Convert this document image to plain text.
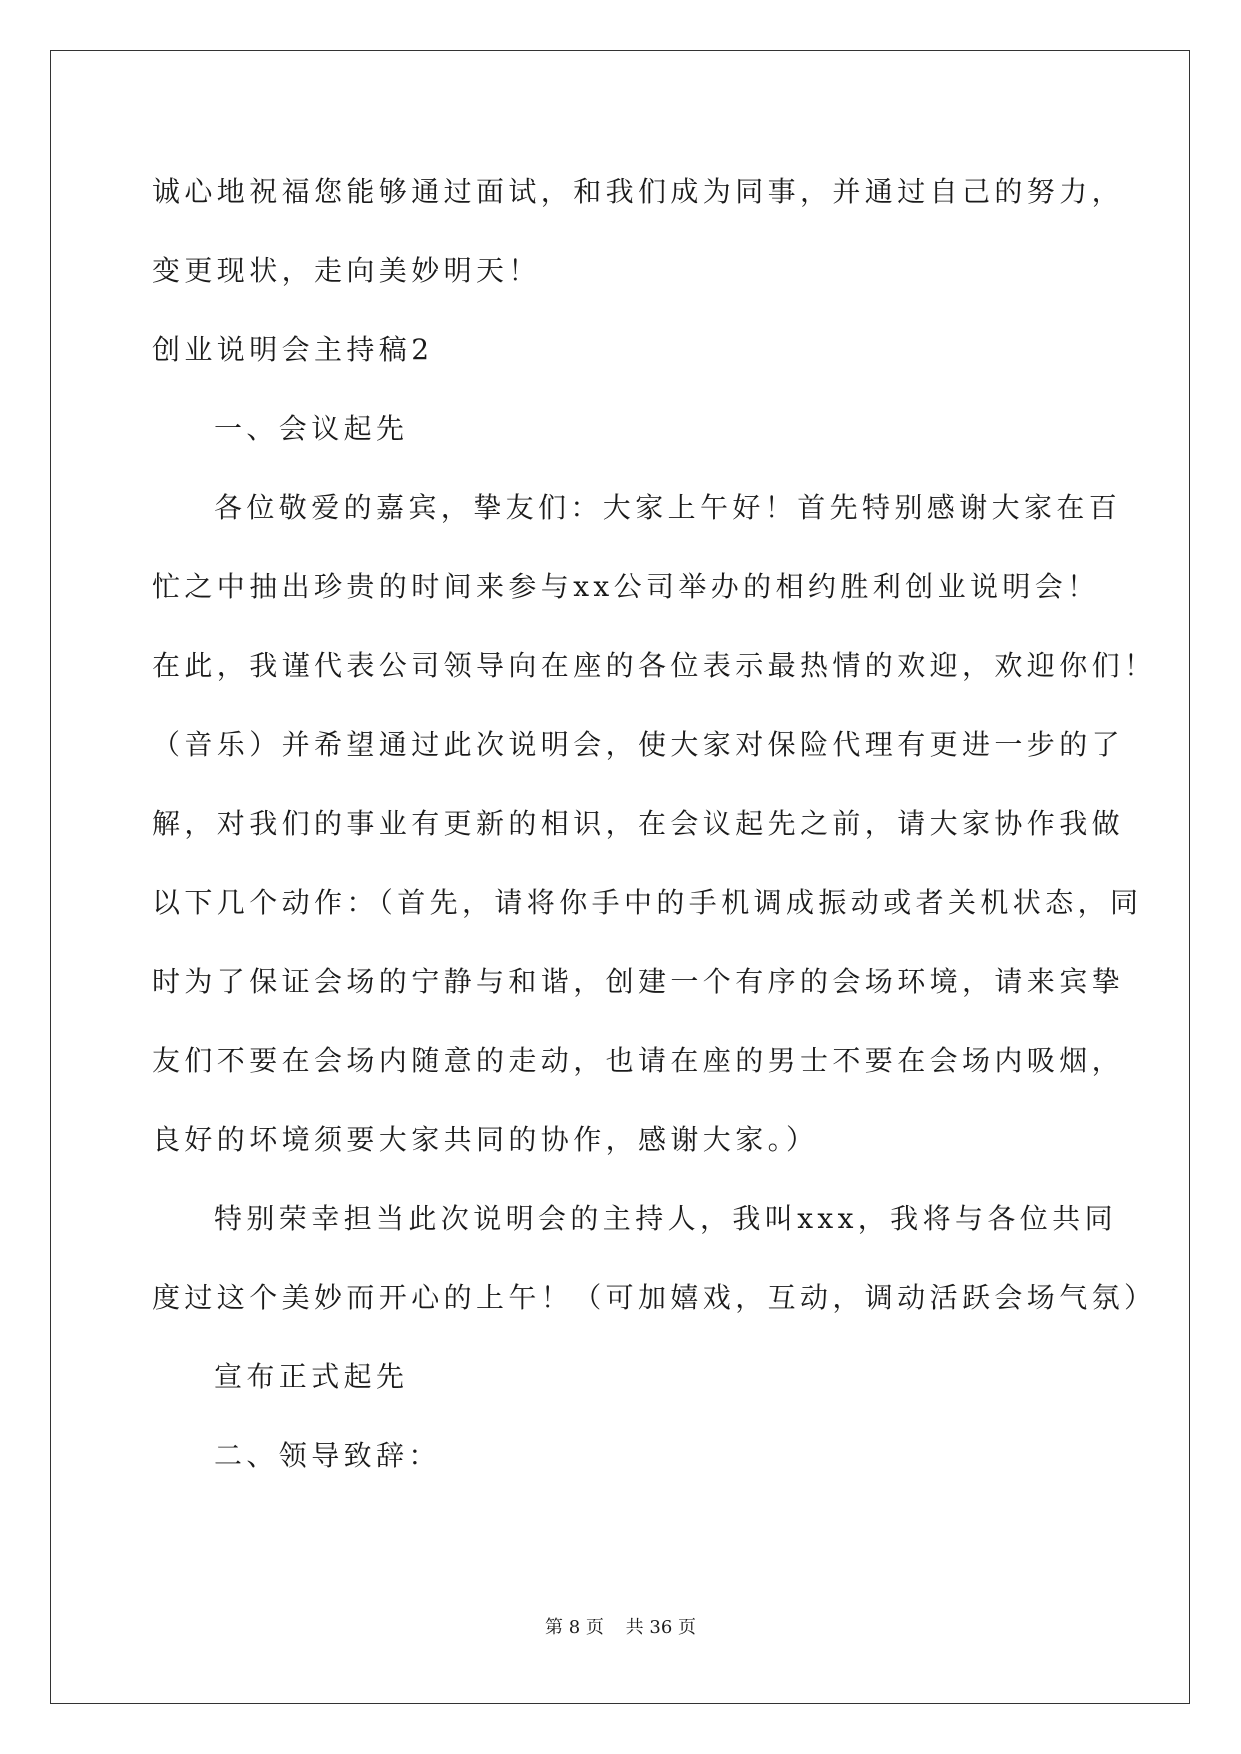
诚心地祝福您能够通过面试，和我们成为同事，并通过自己的努力，
变更现状，走向美妙明天！
创业说明会主持稿2
一、会议起先
各位敬爱的嘉宾，挚友们：大家上午好！首先特别感谢大家在百
忙之中抽出珍贵的时间来参与xx公司举办的相约胜利创业说明会！
在此，我谨代表公司领导向在座的各位表示最热情的欢迎，欢迎你们！
（音乐）并希望通过此次说明会，使大家对保险代理有更进一步的了
解，对我们的事业有更新的相识，在会议起先之前，请大家协作我做
以下几个动作：（首先，请将你手中的手机调成振动或者关机状态，同
时为了保证会场的宁静与和谐，创建一个有序的会场环境，请来宾挚
友们不要在会场内随意的走动，也请在座的男士不要在会场内吸烟，
良好的坏境须要大家共同的协作，感谢大家。）
特别荣幸担当此次说明会的主持人，我叫xxx，我将与各位共同
度过这个美妙而开心的上午！（可加嬉戏，互动，调动活跃会场气氛）
宣布正式起先
二、领导致辞：
第 8 页 共 36 页
